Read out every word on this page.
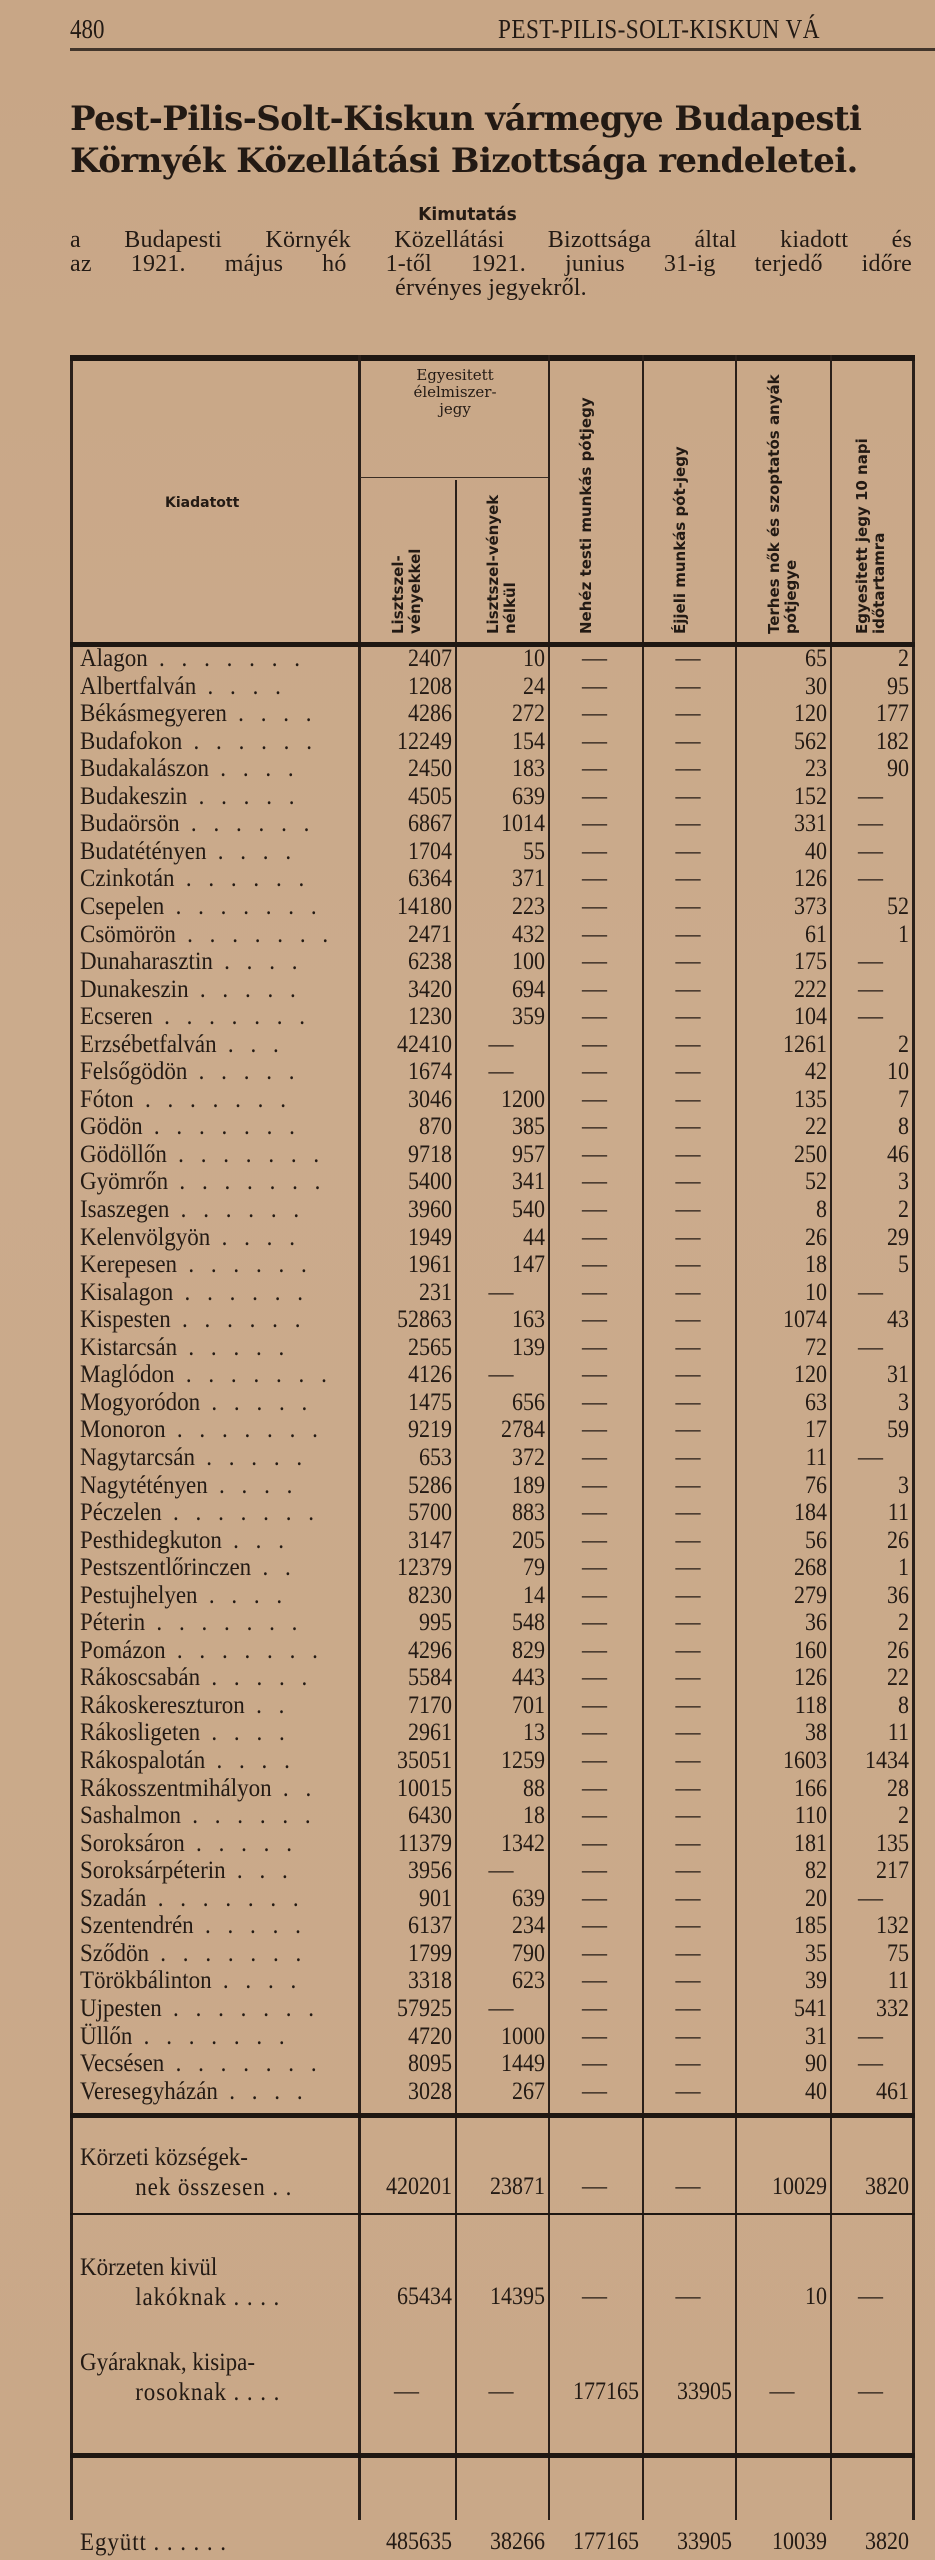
480	PEST-PILIS-SOLT-KISKUN VÁ
Pest-Pilis-Solt-Kiskun vármegye Budapesti
Környék Közellátási Bizottsága rendeletei.
Kimutatás
a Budapesti Környék Közellátási Bizottsága által kiadott és
az 1921. május hó 1-től 1921. junius 31-ig terjedő időre
érvényes jegyekről.
Kiadatott
Egyesitett élelmiszer-jegy
Lisztszel-vényekkel	Lisztszel-vények nélkül	Nehéz testi munkás pótjegy	Éjjeli munkás pót-jegy	Terhes nők és szoptatós anyák pótjegye	Egyesitett jegy 10 napi időtartamra
Alagon . . . . . . .	2407	10	—	—	65	2
Albertfalván . . . .	1208	24	—	—	30	95
Békásmegyeren . . . .	4286	272	—	—	120	177
Budafokon . . . . . .	12249	154	—	—	562	182
Budakalászon . . . .	2450	183	—	—	23	90
Budakeszin . . . . .	4505	639	—	—	152	—
Budaörsön . . . . . .	6867	1014	—	—	331	—
Budatétényen . . . .	1704	55	—	—	40	—
Czinkotán . . . . . .	6364	371	—	—	126	—
Csepelen . . . . . . .	14180	223	—	—	373	52
Csömörön . . . . . . .	2471	432	—	—	61	1
Dunaharasztin . . . .	6238	100	—	—	175	—
Dunakeszin . . . . .	3420	694	—	—	222	—
Ecseren . . . . . . .	1230	359	—	—	104	—
Erzsébetfalván . . .	42410	—	—	—	1261	2
Felsőgödön . . . . .	1674	—	—	—	42	10
Fóton . . . . . . .	3046	1200	—	—	135	7
Gödön . . . . . . .	870	385	—	—	22	8
Gödöllőn . . . . . . .	9718	957	—	—	250	46
Gyömrőn . . . . . . .	5400	341	—	—	52	3
Isaszegen . . . . . .	3960	540	—	—	8	2
Kelenvölgyön . . . .	1949	44	—	—	26	29
Kerepesen . . . . . .	1961	147	—	—	18	5
Kisalagon . . . . . .	231	—	—	—	10	—
Kispesten . . . . . .	52863	163	—	—	1074	43
Kistarcsán . . . . .	2565	139	—	—	72	—
Maglódon . . . . . . .	4126	—	—	—	120	31
Mogyoródon . . . . .	1475	656	—	—	63	3
Monoron . . . . . . .	9219	2784	—	—	17	59
Nagytarcsán . . . . .	653	372	—	—	11	—
Nagytétényen . . . .	5286	189	—	—	76	3
Péczelen . . . . . . .	5700	883	—	—	184	11
Pesthidegkuton . . .	3147	205	—	—	56	26
Pestszentlőrinczen . .	12379	79	—	—	268	1
Pestujhelyen . . . .	8230	14	—	—	279	36
Péterin . . . . . . .	995	548	—	—	36	2
Pomázon . . . . . . .	4296	829	—	—	160	26
Rákoscsabán . . . . .	5584	443	—	—	126	22
Rákoskereszturon . .	7170	701	—	—	118	8
Rákosligeten . . . .	2961	13	—	—	38	11
Rákospalotán . . . .	35051	1259	—	—	1603	1434
Rákosszentmihályon . .	10015	88	—	—	166	28
Sashalmon . . . . . .	6430	18	—	—	110	2
Soroksáron . . . . .	11379	1342	—	—	181	135
Soroksárpéterin . . .	3956	—	—	—	82	217
Szadán . . . . . . .	901	639	—	—	20	—
Szentendrén . . . . .	6137	234	—	—	185	132
Sződön . . . . . . .	1799	790	—	—	35	75
Törökbálinton . . . .	3318	623	—	—	39	11
Ujpesten . . . . . . .	57925	—	—	—	541	332
Üllőn . . . . . . .	4720	1000	—	—	31	—
Vecsésen . . . . . . .	8095	1449	—	—	90	—
Veresegyházán . . . .	3028	267	—	—	40	461
Körzeti községek-
nek összesen . .	420201	23871	—	—	10029	3820
Körzeten kivül
lakóknak . . . .	65434	14395	—	—	10	—
Gyáraknak, kisipa-
rosoknak . . . .	—	—	177165	33905	—	—

Együtt . . . . . .	485635	38266	177165	33905	10039	3820
